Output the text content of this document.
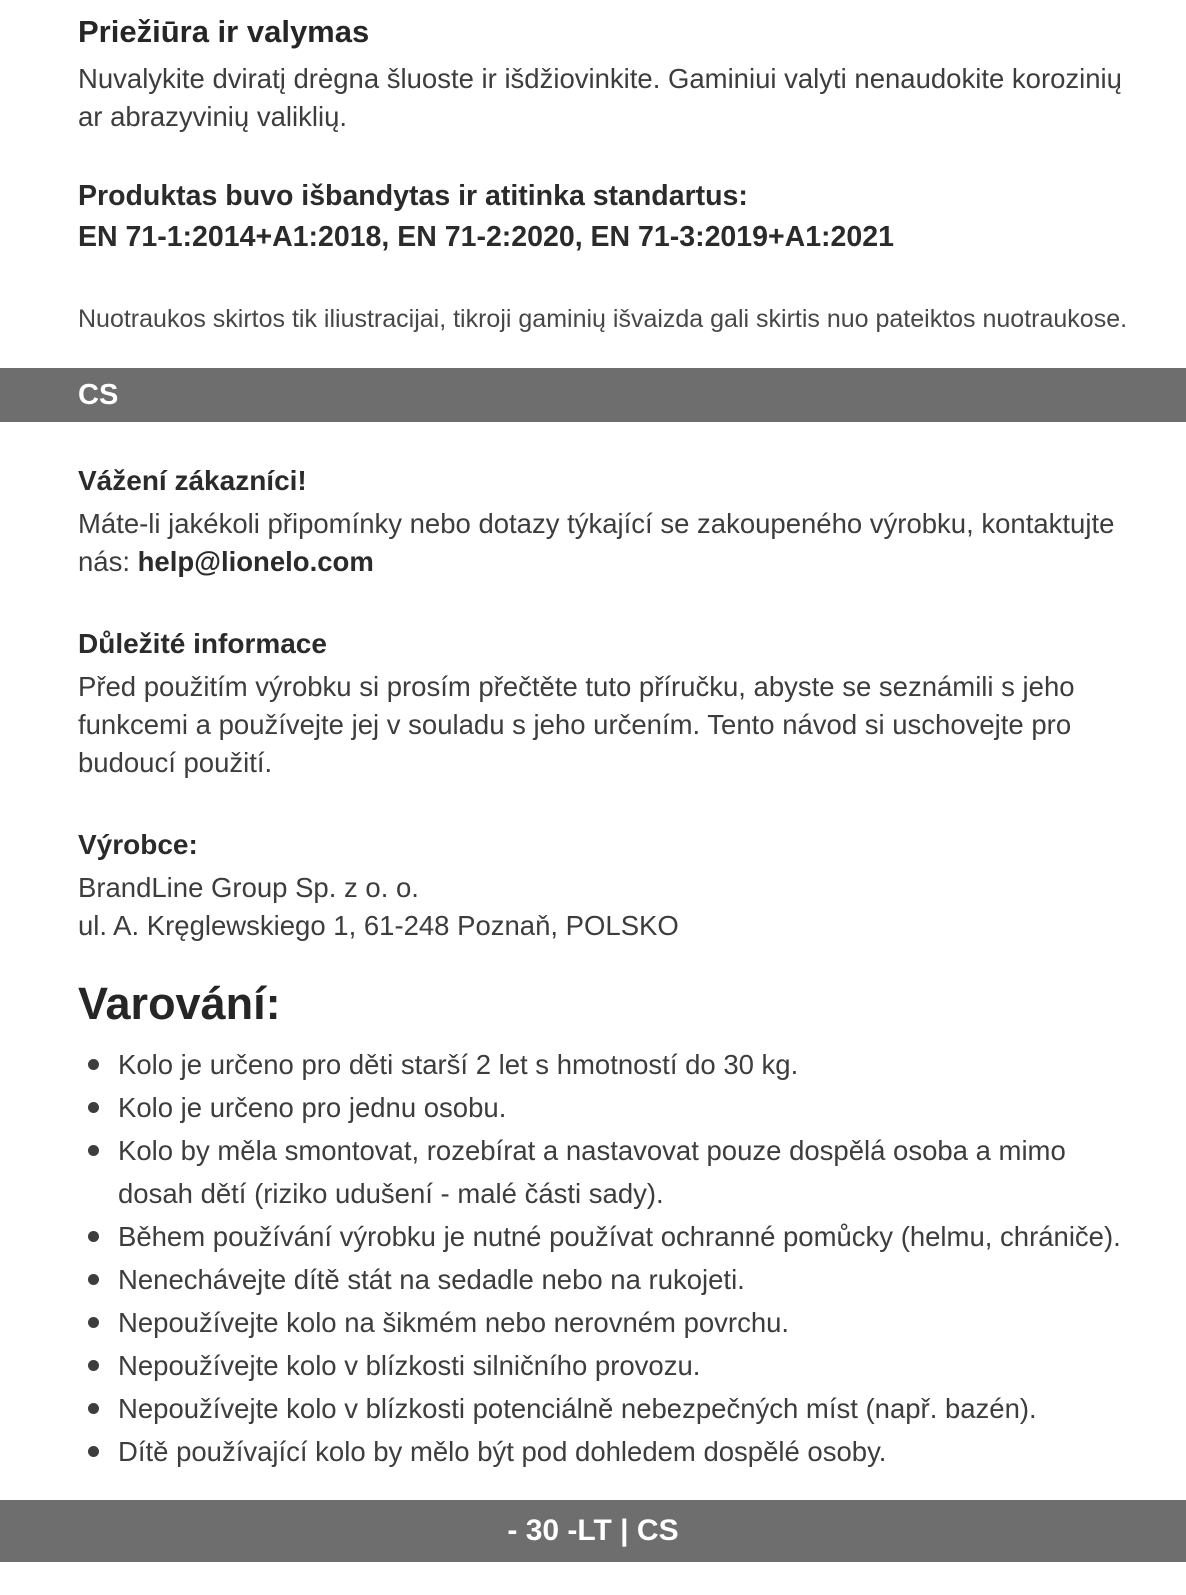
Priežiūra ir valymas

Nuvalykite dviratį drėgna šluoste ir išdžiovinkite. Gaminiui valyti nenaudokite korozinių ar abrazyvinių valiklių.

Produktas buvo išbandytas ir atitinka standartus:

EN 71-1:2014+A1:2018, EN 71-2:2020, EN 71-3:2019+A1:2021

Nuotraukos skirtos tik iliustracijai, tikroji gaminių išvaizda gali skirtis nuo pateiktos nuotraukose.

CS
Vážení zákazníci!

Máte-li jakékoli připomínky nebo dotazy týkající se zakoupeného výrobku, kontaktujte nás: help@lionelo.com

Důležité informace

Před použitím výrobku si prosím přečtěte tuto příručku, abyste se seznámili s jeho funkcemi a používejte jej v souladu s jeho určením. Tento návod si uschovejte pro budoucí použití.

Výrobce:

BrandLine Group Sp. z o. o.

ul. A. Kręglewskiego 1, 61-248 Poznaň, POLSKO

Varování:
Kolo je určeno pro děti starší 2 let s hmotností do 30 kg.
Kolo je určeno pro jednu osobu.
Kolo by měla smontovat, rozebírat a nastavovat pouze dospělá osoba a mimo dosah dětí (riziko udušení - malé části sady).
Během používání výrobku je nutné používat ochranné pomůcky (helmu, chrániče).
Nenechávejte dítě stát na sedadle nebo na rukojeti.
Nepoužívejte kolo na šikmém nebo nerovném povrchu.
Nepoužívejte kolo v blízkosti silničního provozu.
Nepoužívejte kolo v blízkosti potenciálně nebezpečných míst (např. bazén).
Dítě používající kolo by mělo být pod dohledem dospělé osoby.
- 30 -LT | CS
